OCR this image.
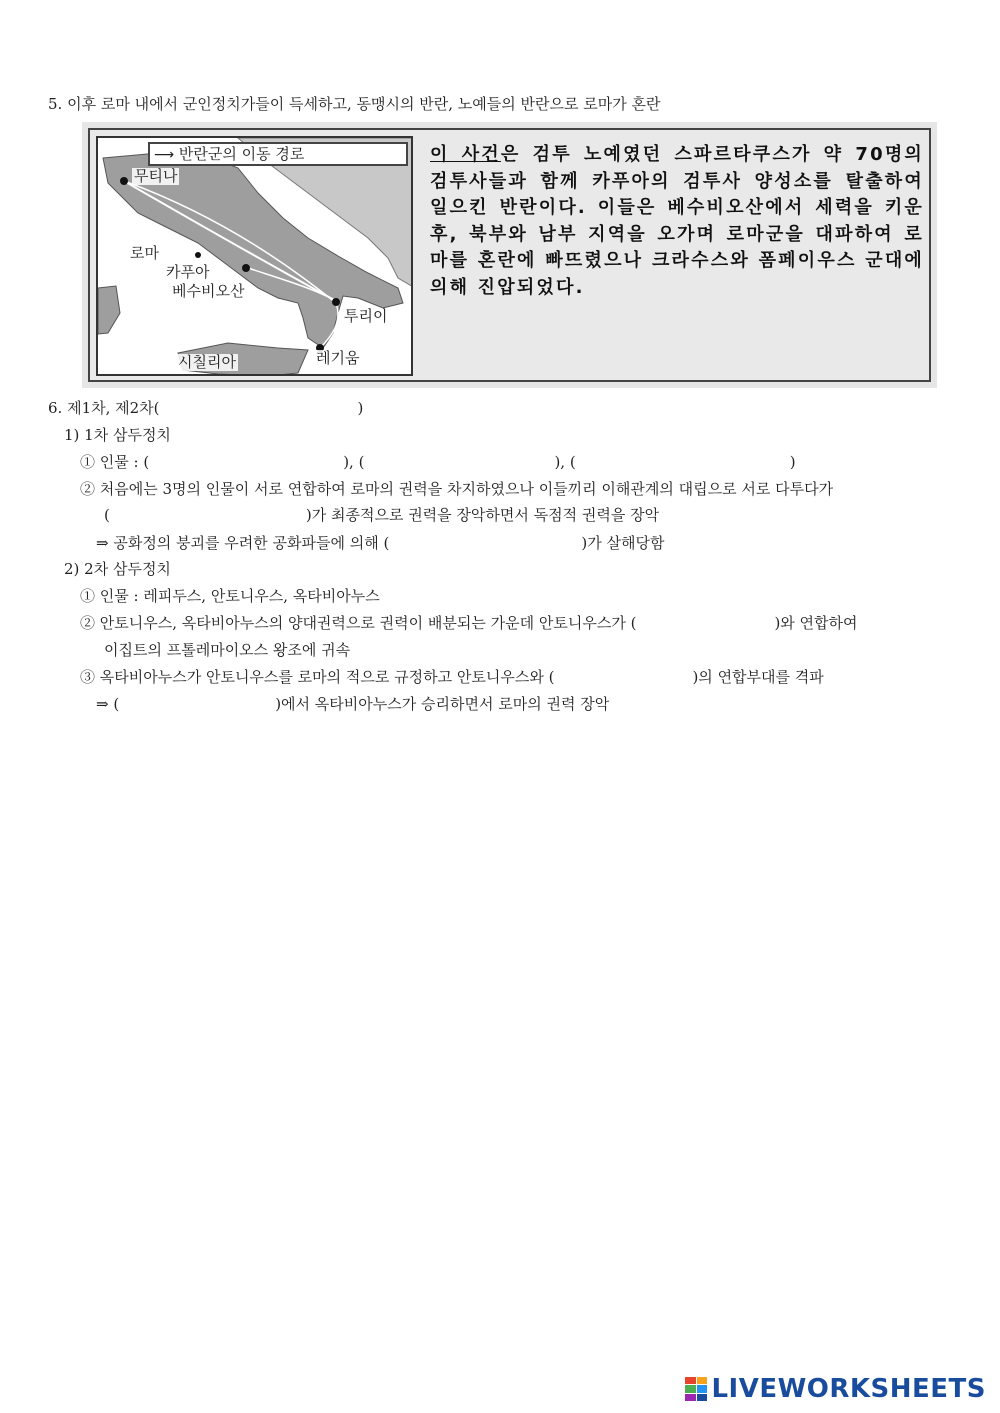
5. 이후 로마 내에서 군인정치가들이 득세하고, 동맹시의 반란, 노예들의 반란으로 로마가 혼란
⟶ 반란군의 이동 경로
무티나
로마
카푸아
베수비오산
투리이
시칠리아	레기움
이 사건은 검투 노예였던 스파르타쿠스가 약 70명의 검투사들과 함께 카푸아의 검투사 양성소를 탈출하여 일으킨 반란이다. 이들은 베수비오산에서 세력을 키운 후, 북부와 남부 지역을 오가며 로마군을 대파하여 로마를 혼란에 빠뜨렸으나 크라수스와 폼페이우스 군대에 의해 진압되었다.
6. 제1차, 제2차(	)
1) 1차 삼두정치
① 인물 : (	), (	), (	)
② 처음에는 3명의 인물이 서로 연합하여 로마의 권력을 차지하였으나 이들끼리 이해관계의 대립으로 서로 다투다가
(	)가 최종적으로 권력을 장악하면서 독점적 권력을 장악
⇒ 공화정의 붕괴를 우려한 공화파들에 의해 (	)가 살해당함
2) 2차 삼두정치
① 인물 : 레피두스, 안토니우스, 옥타비아누스
② 안토니우스, 옥타비아누스의 양대권력으로 권력이 배분되는 가운데 안토니우스가 (	)와 연합하여
이집트의 프톨레마이오스 왕조에 귀속
③ 옥타비아누스가 안토니우스를 로마의 적으로 규정하고 안토니우스와 (	)의 연합부대를 격파
⇒ (	)에서 옥타비아누스가 승리하면서 로마의 권력 장악
LIVEWORKSHEETS
